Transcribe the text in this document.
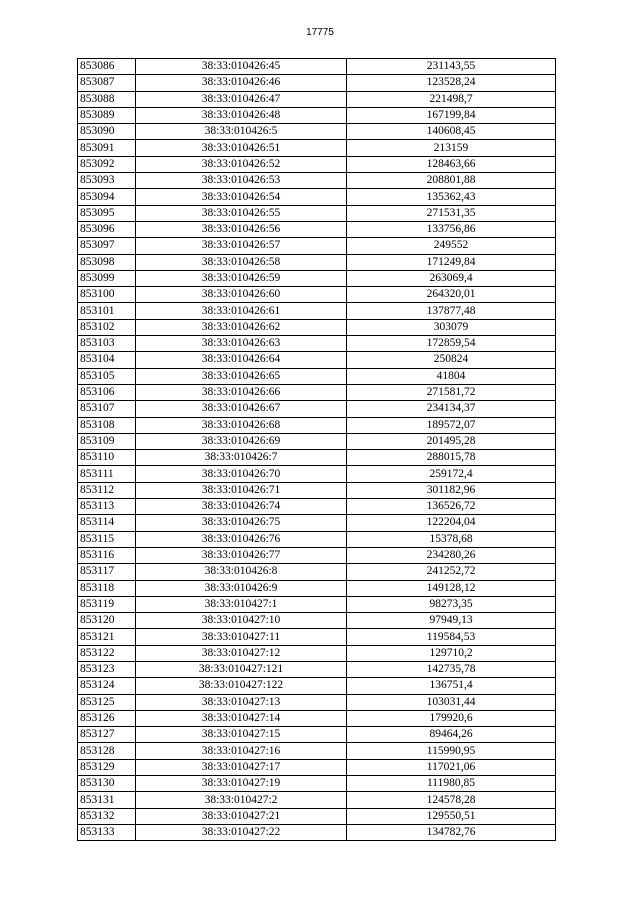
17775
853086	38:33:010426:45	231143,55
853087	38:33:010426:46	123528,24
853088	38:33:010426:47	221498,7
853089	38:33:010426:48	167199,84
853090	38:33:010426:5	140608,45
853091	38:33:010426:51	213159
853092	38:33:010426:52	128463,66
853093	38:33:010426:53	208801,88
853094	38:33:010426:54	135362,43
853095	38:33:010426:55	271531,35
853096	38:33:010426:56	133756,86
853097	38:33:010426:57	249552
853098	38:33:010426:58	171249,84
853099	38:33:010426:59	263069,4
853100	38:33:010426:60	264320,01
853101	38:33:010426:61	137877,48
853102	38:33:010426:62	303079
853103	38:33:010426:63	172859,54
853104	38:33:010426:64	250824
853105	38:33:010426:65	41804
853106	38:33:010426:66	271581,72
853107	38:33:010426:67	234134,37
853108	38:33:010426:68	189572,07
853109	38:33:010426:69	201495,28
853110	38:33:010426:7	288015,78
853111	38:33:010426:70	259172,4
853112	38:33:010426:71	301182,96
853113	38:33:010426:74	136526,72
853114	38:33:010426:75	122204,04
853115	38:33:010426:76	15378,68
853116	38:33:010426:77	234280,26
853117	38:33:010426:8	241252,72
853118	38:33:010426:9	149128,12
853119	38:33:010427:1	98273,35
853120	38:33:010427:10	97949,13
853121	38:33:010427:11	119584,53
853122	38:33:010427:12	129710,2
853123	38:33:010427:121	142735,78
853124	38:33:010427:122	136751,4
853125	38:33:010427:13	103031,44
853126	38:33:010427:14	179920,6
853127	38:33:010427:15	89464,26
853128	38:33:010427:16	115990,95
853129	38:33:010427:17	117021,06
853130	38:33:010427:19	111980,85
853131	38:33:010427:2	124578,28
853132	38:33:010427:21	129550,51
853133	38:33:010427:22	134782,76
